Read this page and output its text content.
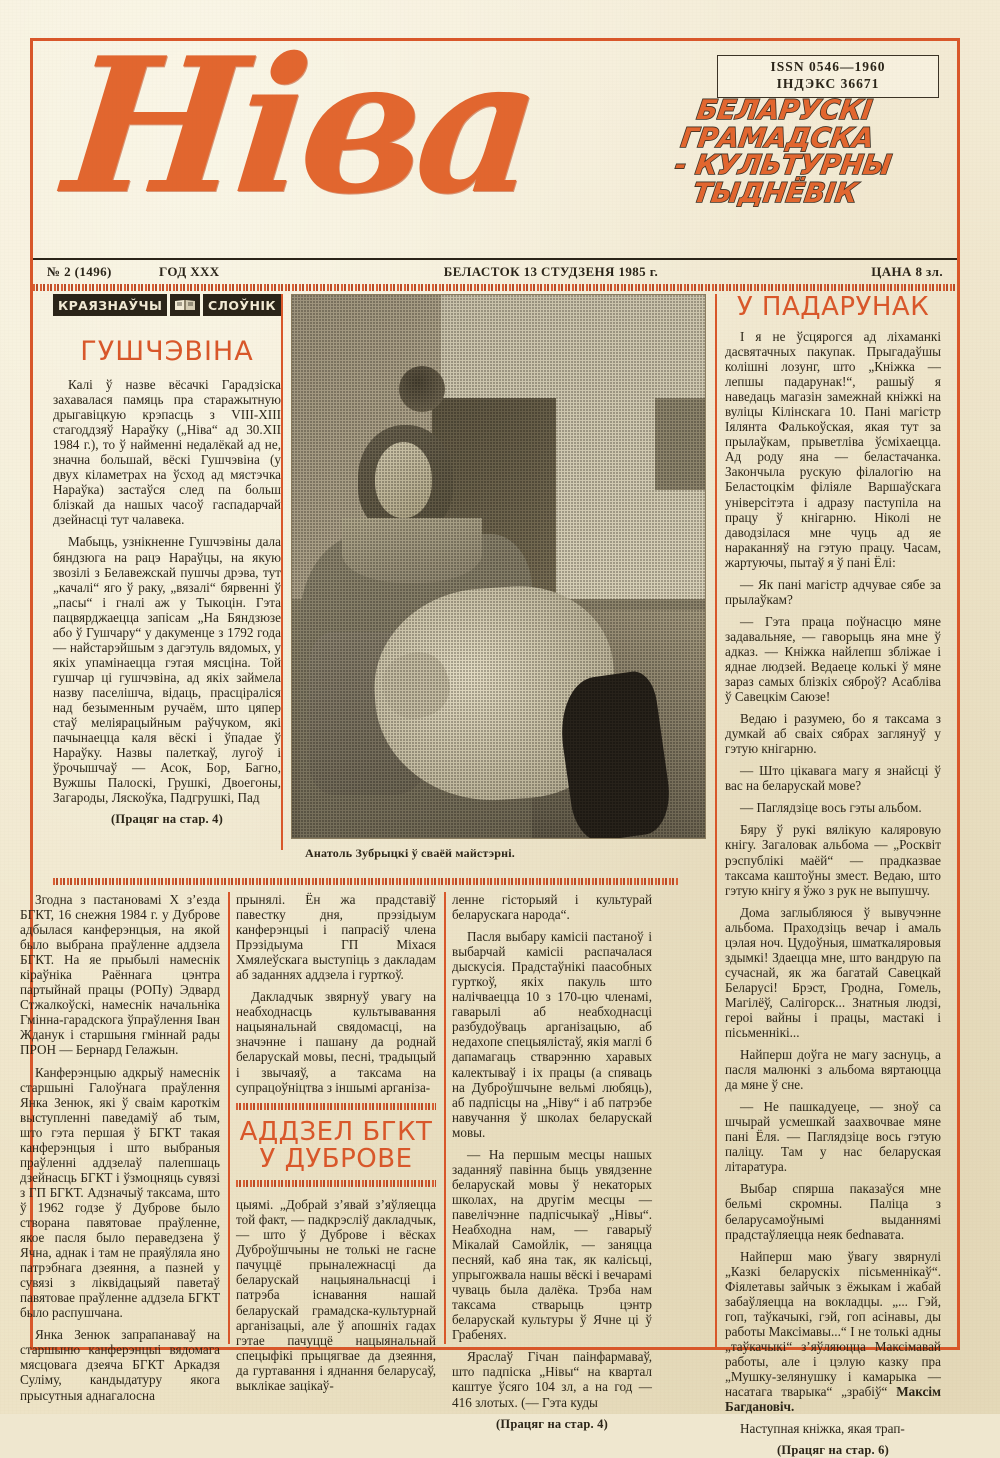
Ніва	ISSN 0546—1960
ІНДЭКС 36671
БЕЛАРУСКІ
ГРАМАДСКА
- КУЛЬТУРНЫ
ТЫДНЁВІК
№ 2 (1496)	ГОД ХХХ	БЕЛАСТОК 13 СТУДЗЕНЯ 1985 г.	ЦАНА 8 зл.
КРАЯЗНАЎЧЫ	СЛОЎНІК
ГУШЧЭВІНА

Калі ў назве вёсачкі Гарадзіска захавалася памяць пра старажытную дрыгавіцкую крэпасць з VIII-XIII стагоддзяў Нараўку („Ніва“ ад 30.XII 1984 г.), то ў найменні недалёкай ад не, значна большай, вёскі Гушчэвіна (у двух кіламетрах на ўсход ад мястэчка Нараўка) застаўся след па больш блізкай да нашых часоў гаспадарчай дзейнасці тут чалавека.

Мабыць, узнікненне Гушчэвіны дала бяндзюга на рацэ Нараўцы, на якую звозілі з Белавежскай пушчы дрэва, тут „качалі“ яго ў раку, „вязалі“ бярвенні ў „пасы“ і гналі аж у Тыкоцін. Гэта пацвярджаецца запісам „На Бяндзюзе або ў Гушчару“ у дакуменце з 1792 года — найстарэйшым з дагэтуль вядомых, у якіх упамінаецца гэтая мясціна. Той гушчар ці гушчэвіна, ад якіх займела назву паселішча, відаць, прасціраліся над безыменным ручаём, што цяпер стаў меліярацыйным раўчуком, які пачынаецца каля вёскі і ўпадае ў Нараўку. Назвы палеткаў, лугоў і ўрочышчаў — Асок, Бор, Багно, Вужшы Палоскі, Грушкі, Двоегоны, Загароды, Ляскоўка, Падгрушкі, Пад

(Працяг на стар. 4)
Анатоль Зубрыцкі ў сваёй майстэрні.
У ПАДАРУНАК

І я не ўсцярогся ад ліхаманкі дасвятачных пакупак. Прыгадаўшы колішні лозунг, што „Кніжка — лепшы падарунак!“, рашыў я наведаць магазін замежнай кніжкі на вуліцы Кілінскага 10. Пані магістр Іялянта Фалькоўская, якая тут за прылаўкам, прыветліва ўсміхаецца. Ад роду яна — беластачанка. Закончыла рускую філалогію на Беластоцкім філіяле Варшаўскага універсітэта і адразу паступіла на працу ў кнігарню. Ніколі не даводзілася мне чуць ад яе нараканняў на гэтую працу. Часам, жартуючы, пытаў я ў пані Ёлі:

— Як пані магістр адчувае сябе за прылаўкам?

— Гэта праца поўнасцю мяне задавальняе, — гаворыць яна мне ў адказ. — Кніжка найлепш збліжае і яднае людзей. Ведаеце колькі ў мяне зараз самых блізкіх сяброў? Асабліва ў Савецкім Саюзе!

Ведаю і разумею, бо я таксама з думкай аб сваіх сябрах заглянуў у гэтую кнігарню.

— Што цікавага магу я знайсці ў вас на беларускай мове?

— Паглядзіце вось гэты альбом.

Бяру ў рукі вялікую каляровую кнігу. Загаловак альбома — „Росквіт рэспублікі маёй“ — прадказвае таксама каштоўны змест. Ведаю, што гэтую кнігу я ўжо з рук не выпушчу.

Дома заглыбляюся ў вывучэнне альбома. Праходзіць вечар і амаль цэлая ноч. Цудоўныя, шматкаляровыя здымкі! Здаецца мне, што вандрую па сучаснай, як жа багатай Савецкай Беларусі! Брэст, Гродна, Гомель, Магілёў, Салігорск... Знатныя людзі, героі вайны і працы, мастакі і пісьменнікі...

Найперш доўга не магу заснуць, а пасля малюнкі з альбома вяртаюцца да мяне ў сне.

— Не пашкадуеце, — зноў са шчырай усмешкай заахвочвае мяне пані Ёля. — Паглядзіце вось гэтую паліцу. Там у нас беларуская літаратура.

Выбар спярша паказаўся мне бельмі скромны. Паліца з беларусамоўнымі выданнямі прадстаўляецца неяк бednавата.

Найперш маю ўвагу звярнулі „Казкі беларускіх пісьменнікаў“. Фіялетавы зайчык з ёжыкам і жабай забаўляецца на вокладцы. „... Гэй, гоп, таўкачыкі, гэй, гоп асінавы, ды работы Максімавы...“ І не толькі адны „таўкачыкі“ з’яўляюцца Максімавай работы, але і цэлую казку пра „Мушку-зелянушку і камарыка — насатага тварыка“ „зрабіў“ Максім Багдановіч.

Наступная кніжка, якая трап-

(Працяг на стар. 6)

Згодна з пастановамі Х з’езда БГКТ, 16 снежня 1984 г. у Дуброве адбылася канферэнцыя, на якой было выбрана праўленне аддзела БГКТ. На яе прыбылі намеснік кіраўніка Раённага цэнтра партыйнай працы (РОПу) Эдвард Стжалкоўскі, намеснік начальніка Гмінна-гарадскога ўпраўлення Іван Жданук і старшыня гміннай рады ПРОН — Бернард Гелажын.

Канферэнцыю адкрыў намеснік старшыні Галоўнага праўлення Янка Зенюк, які ў сваім кароткім выступленні паведаміў аб тым, што гэта першая ў БГКТ такая канферэнцыя і што выбраныя праўленні аддзелаў палепшаць дзейнасць БГКТ і ўзмоцняць сувязі з ГП БГКТ. Адзначыў таксама, што ў 1962 годзе ў Дуброве было створана павятовае праўленне, якое пасля было пераведзена ў Ячна, аднак і там не праяўляла яно патрэбнага дзеяння, а пазней у сувязі з ліквідацыяй паветаў павятовае праўленне аддзела БГКТ было распушчана.

Янка Зенюк запрапанаваў на старшыню канферэнцыі вядомага мясцовага дзеяча БГКТ Аркадзя Суліму, кандыдатуру якога прысутныя аднагалосна

прынялі. Ён жа прадставіў павестку дня, прэзідыум канферэнцыі і папрасіў члена Прэзідыума ГП Міхася Хмялеўскага выступіць з дакладам аб заданнях аддзела і гурткоў.

Дакладчык звярнуў увагу на неабходнасць культывавання нацыянальнай свядомасці, на значэнне і пашану да роднай беларускай мовы, песні, традыцый і звычаяў, а таксама на супрацоўніцтва з іншымі арганіза-

АДДЗЕЛ БГКТ
У ДУБРОВЕ

цыямі. „Добрай з’явай з’яўляецца той факт, — падкрэсліў дакладчык, — што ў Дуброве і вёсках Дуброўшчыны не толькі не гасне пачуццё прыналежнасці да беларускай нацыянальнасці і патрэба існавання нашай беларускай грамадска-культурнай арганізацыі, але ў апошніх гадах гэтае пачуццё нацыянальнай спецыфікі прыцягвае да дзеяння, да гуртавання і яднання беларусаў, выклікае зацікаў-

ленне гісторыяй і культурай беларускага народа“.

Пасля выбару камісіі пастаноў і выбарчай камісіі распачалася дыскусія. Прадстаўнікі паасобных гурткоў, якіх пакуль што налічваецца 10 з 170-цю членамі, гаварылі аб неабходнасці разбудоўваць арганізацыю, аб недахопе спецыялістаў, якія маглі б дапамагаць стварэнню харавых калектываў і іх працы (а спяваць на Дуброўшчыне вельмі любяць), аб падпісцы на „Ніву“ і аб патрэбе навучання ў школах беларускай мовы.

— На першым месцы нашых заданняў павінна быць увядзенне беларускай мовы ў некаторых школах, на другім месцы — павелічэнне падпісчыкаў „Нівы“. Неабходна нам, — гаварыў Мікалай Самойлік, — заняцца песняй, каб яна так, як калісьці, упрыгожвала нашы вёскі і вечарамі чуваць была далёка. Трэба нам таксама стварыць цэнтр беларускай культуры ў Ячне ці ў Грабенях.

Яраслаў Гічан паінфармаваў, што падпіска „Нівы“ на квартал каштуе ўсяго 104 зл, а на год — 416 злотых. (— Гэта куды

(Працяг на стар. 4)
